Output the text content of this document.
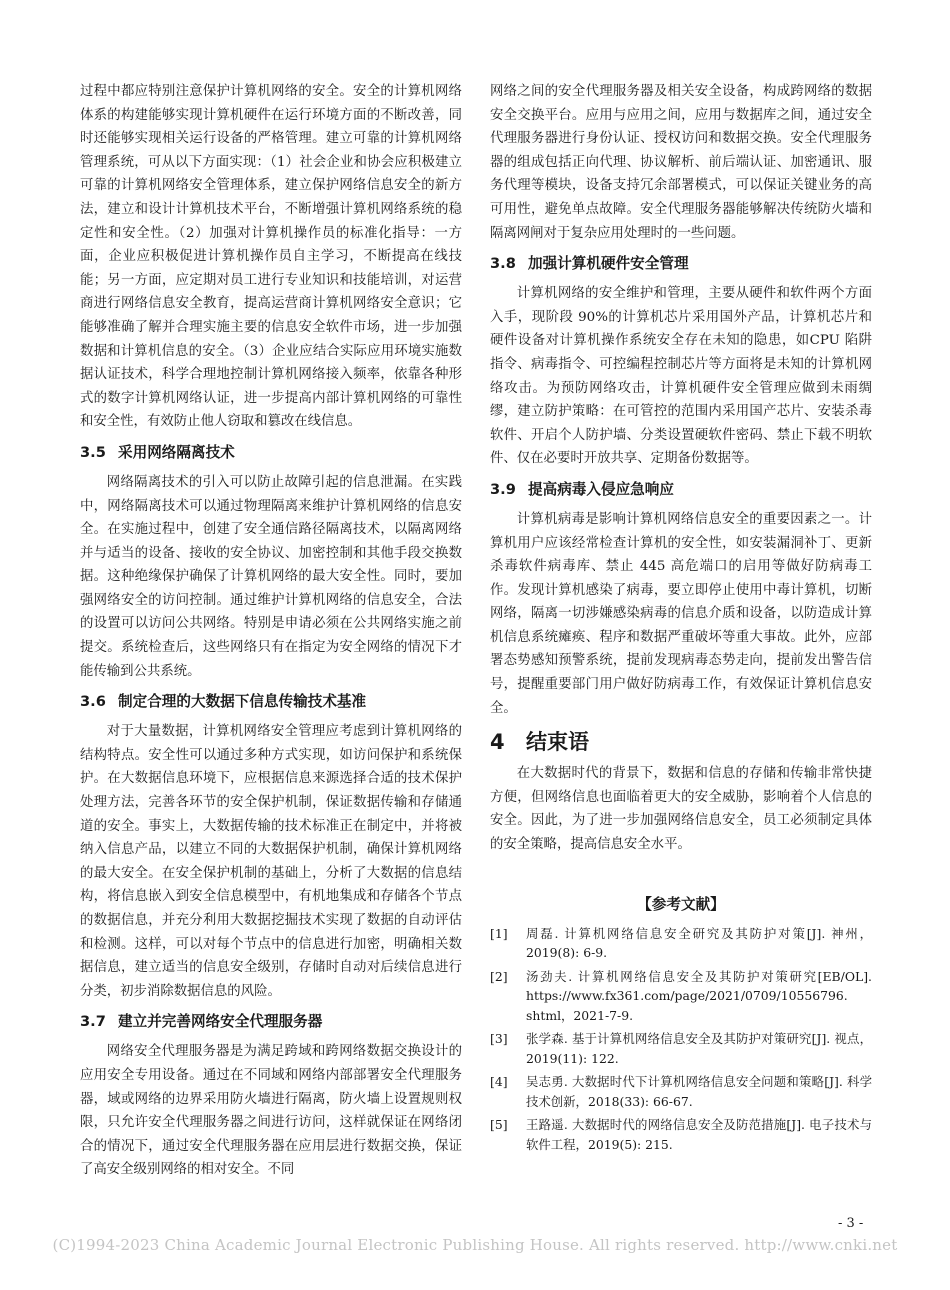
过程中都应特别注意保护计算机网络的安全。安全的计算机网络体系的构建能够实现计算机硬件在运行环境方面的不断改善，同时还能够实现相关运行设备的严格管理。建立可靠的计算机网络管理系统，可从以下方面实现：（1）社会企业和协会应积极建立可靠的计算机网络安全管理体系，建立保护网络信息安全的新方法，建立和设计计算机技术平台，不断增强计算机网络系统的稳定性和安全性。（2）加强对计算机操作员的标准化指导：一方面，企业应积极促进计算机操作员自主学习，不断提高在线技能；另一方面，应定期对员工进行专业知识和技能培训，对运营商进行网络信息安全教育，提高运营商计算机网络安全意识；它能够准确了解并合理实施主要的信息安全软件市场，进一步加强数据和计算机信息的安全。（3）企业应结合实际应用环境实施数据认证技术，科学合理地控制计算机网络接入频率，依靠各种形式的数字计算机网络认证，进一步提高内部计算机网络的可靠性和安全性，有效防止他人窃取和篡改在线信息。

3.5 采用网络隔离技术

网络隔离技术的引入可以防止故障引起的信息泄漏。在实践中，网络隔离技术可以通过物理隔离来维护计算机网络的信息安全。在实施过程中，创建了安全通信路径隔离技术，以隔离网络并与适当的设备、接收的安全协议、加密控制和其他手段交换数据。这种绝缘保护确保了计算机网络的最大安全性。同时，要加强网络安全的访问控制。通过维护计算机网络的信息安全，合法的设置可以访问公共网络。特别是申请必须在公共网络实施之前提交。系统检查后，这些网络只有在指定为安全网络的情况下才能传输到公共系统。

3.6 制定合理的大数据下信息传输技术基准

对于大量数据，计算机网络安全管理应考虑到计算机网络的结构特点。安全性可以通过多种方式实现，如访问保护和系统保护。在大数据信息环境下，应根据信息来源选择合适的技术保护处理方法，完善各环节的安全保护机制，保证数据传输和存储通道的安全。事实上，大数据传输的技术标准正在制定中，并将被纳入信息产品，以建立不同的大数据保护机制，确保计算机网络的最大安全。在安全保护机制的基础上，分析了大数据的信息结构，将信息嵌入到安全信息模型中，有机地集成和存储各个节点的数据信息，并充分利用大数据挖掘技术实现了数据的自动评估和检测。这样，可以对每个节点中的信息进行加密，明确相关数据信息，建立适当的信息安全级别，存储时自动对后续信息进行分类，初步消除数据信息的风险。

3.7 建立并完善网络安全代理服务器

网络安全代理服务器是为满足跨域和跨网络数据交换设计的应用安全专用设备。通过在不同域和网络内部部署安全代理服务器，域或网络的边界采用防火墙进行隔离，防火墙上设置规则权限，只允许安全代理服务器之间进行访问，这样就保证在网络闭合的情况下，通过安全代理服务器在应用层进行数据交换，保证了高安全级别网络的相对安全。不同

网络之间的安全代理服务器及相关安全设备，构成跨网络的数据安全交换平台。应用与应用之间，应用与数据库之间，通过安全代理服务器进行身份认证、授权访问和数据交换。安全代理服务器的组成包括正向代理、协议解析、前后端认证、加密通讯、服务代理等模块，设备支持冗余部署模式，可以保证关键业务的高可用性，避免单点故障。安全代理服务器能够解决传统防火墙和隔离网闸对于复杂应用处理时的一些问题。

3.8 加强计算机硬件安全管理

计算机网络的安全维护和管理，主要从硬件和软件两个方面入手，现阶段 90%的计算机芯片采用国外产品，计算机芯片和硬件设备对计算机操作系统安全存在未知的隐患，如CPU 陷阱指令、病毒指令、可控编程控制芯片等方面将是未知的计算机网络攻击。为预防网络攻击，计算机硬件安全管理应做到未雨绸缪，建立防护策略：在可管控的范围内采用国产芯片、安装杀毒软件、开启个人防护墙、分类设置硬软件密码、禁止下载不明软件、仅在必要时开放共享、定期备份数据等。

3.9 提高病毒入侵应急响应

计算机病毒是影响计算机网络信息安全的重要因素之一。计算机用户应该经常检查计算机的安全性，如安装漏洞补丁、更新杀毒软件病毒库、禁止 445 高危端口的启用等做好防病毒工作。发现计算机感染了病毒，要立即停止使用中毒计算机，切断网络，隔离一切涉嫌感染病毒的信息介质和设备，以防造成计算机信息系统瘫痪、程序和数据严重破坏等重大事故。此外，应部署态势感知预警系统，提前发现病毒态势走向，提前发出警告信号，提醒重要部门用户做好防病毒工作，有效保证计算机信息安全。

4 结束语

在大数据时代的背景下，数据和信息的存储和传输非常快捷方便，但网络信息也面临着更大的安全威胁，影响着个人信息的安全。因此，为了进一步加强网络信息安全，员工必须制定具体的安全策略，提高信息安全水平。

【参考文献】
[1] 周磊. 计算机网络信息安全研究及其防护对策[J]. 神州，2019(8): 6-9.
[2] 汤劲夫. 计算机网络信息安全及其防护对策研究[EB/OL]. https://www.fx361.com/page/2021/0709/10556796. shtml，2021-7-9.
[3] 张学森. 基于计算机网络信息安全及其防护对策研究[J]. 视点，2019(11): 122.
[4] 吴志勇. 大数据时代下计算机网络信息安全问题和策略[J]. 科学技术创新，2018(33): 66-67.
[5] 王路遥. 大数据时代的网络信息安全及防范措施[J]. 电子技术与软件工程，2019(5): 215.
- 3 -
(C)1994-2023 China Academic Journal Electronic Publishing House. All rights reserved. http://www.cnki.net
